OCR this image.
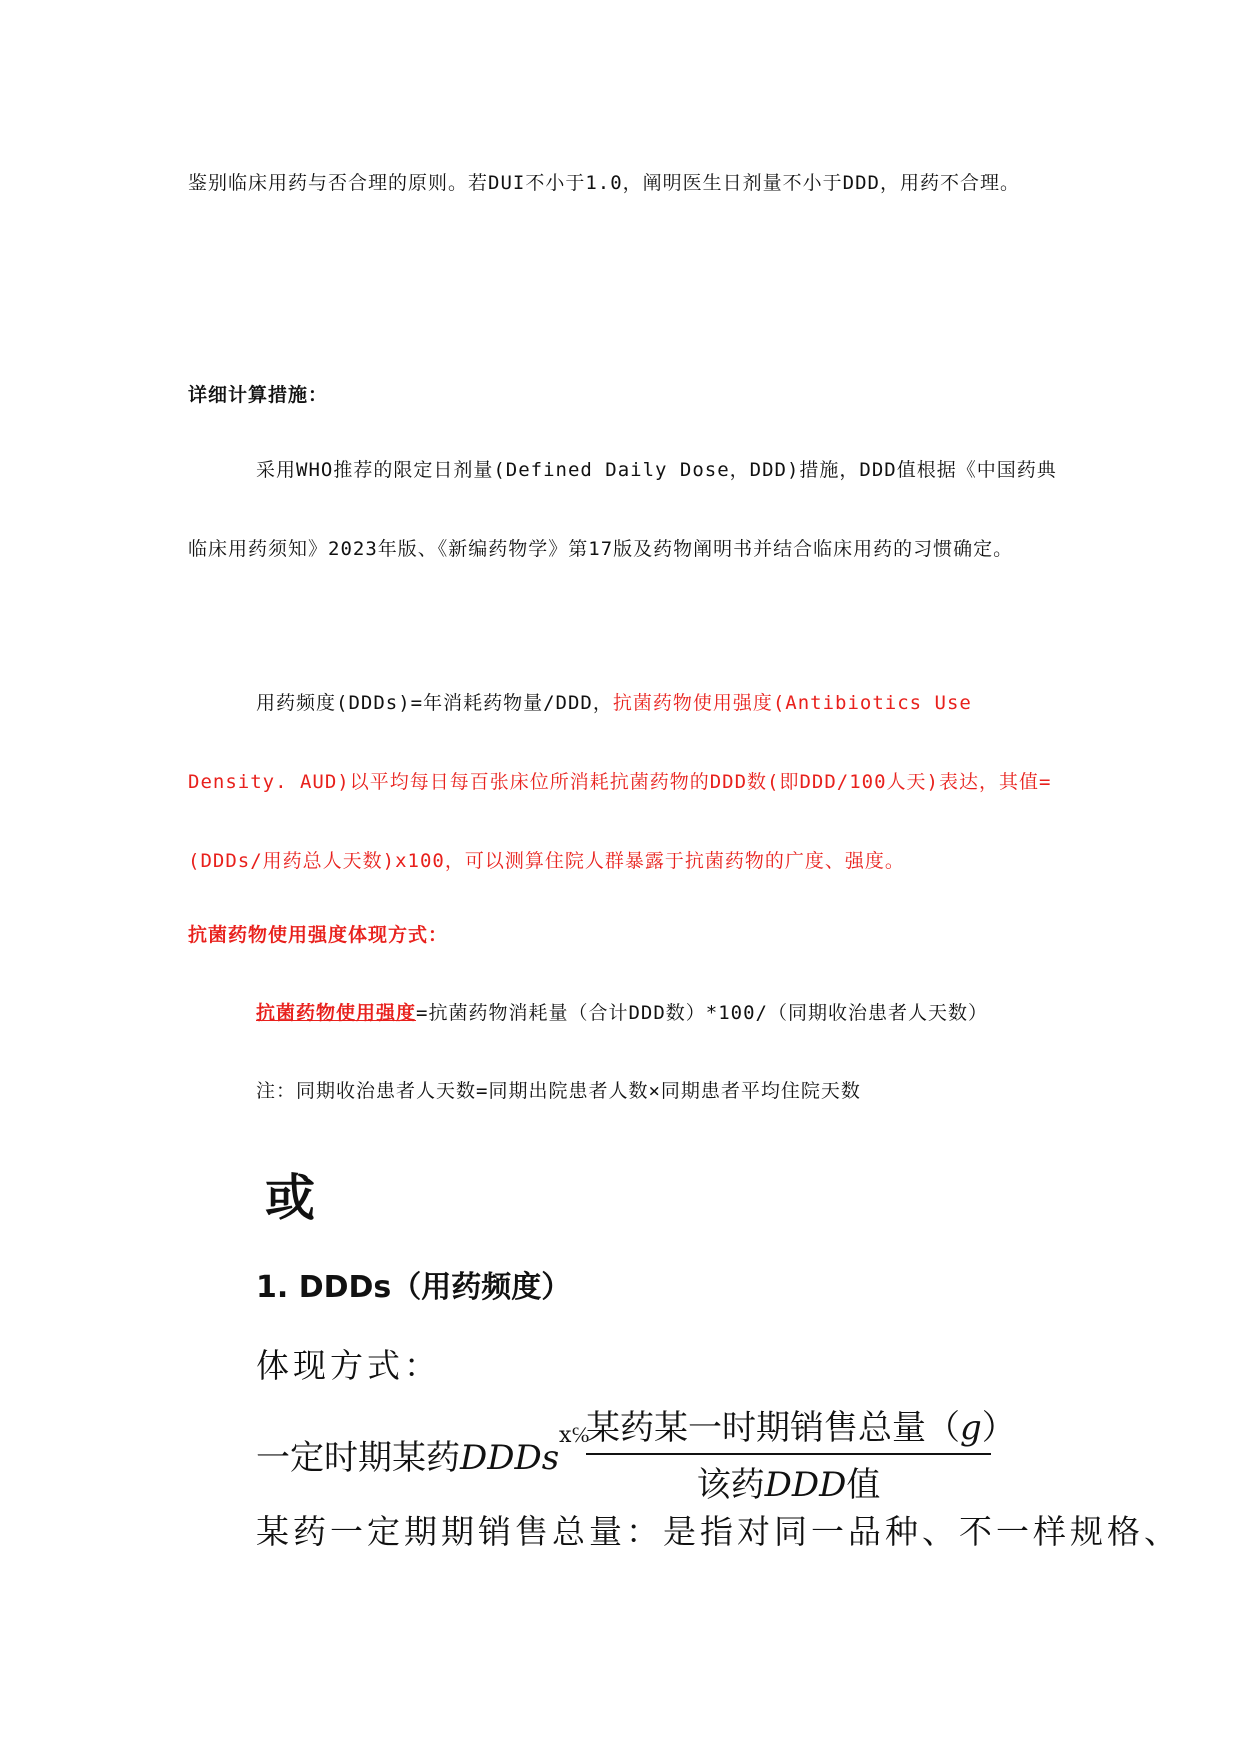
鉴别临床用药与否合理的原则。若DUI不小于1.0，阐明医生日剂量不小于DDD，用药不合理。

详细计算措施：

采用WHO推荐的限定日剂量(Defined Daily Dose，DDD)措施，DDD值根据《中国药典临床用药须知》2023年版、《新编药物学》第17版及药物阐明书并结合临床用药的习惯确定。

用药频度(DDDs)=年消耗药物量/DDD，抗菌药物使用强度(Antibiotics Use Density. AUD)以平均每日每百张床位所消耗抗菌药物的DDD数(即DDD/100人天)表达，其值=(DDDs/用药总人天数)x100，可以测算住院人群暴露于抗菌药物的广度、强度。

抗菌药物使用强度体现方式：

抗菌药物使用强度=抗菌药物消耗量（合计DDD数）*100/（同期收治患者人天数）

注：同期收治患者人天数=同期出院患者人数×同期患者平均住院天数

或
1. DDDs（用药频度）
体现方式：
一定时期某药DDDs
ⅹ℅
某药某一时期销售总量（g）
该药DDD值
某药一定期期销售总量：是指对同一品种、不一样规格、
